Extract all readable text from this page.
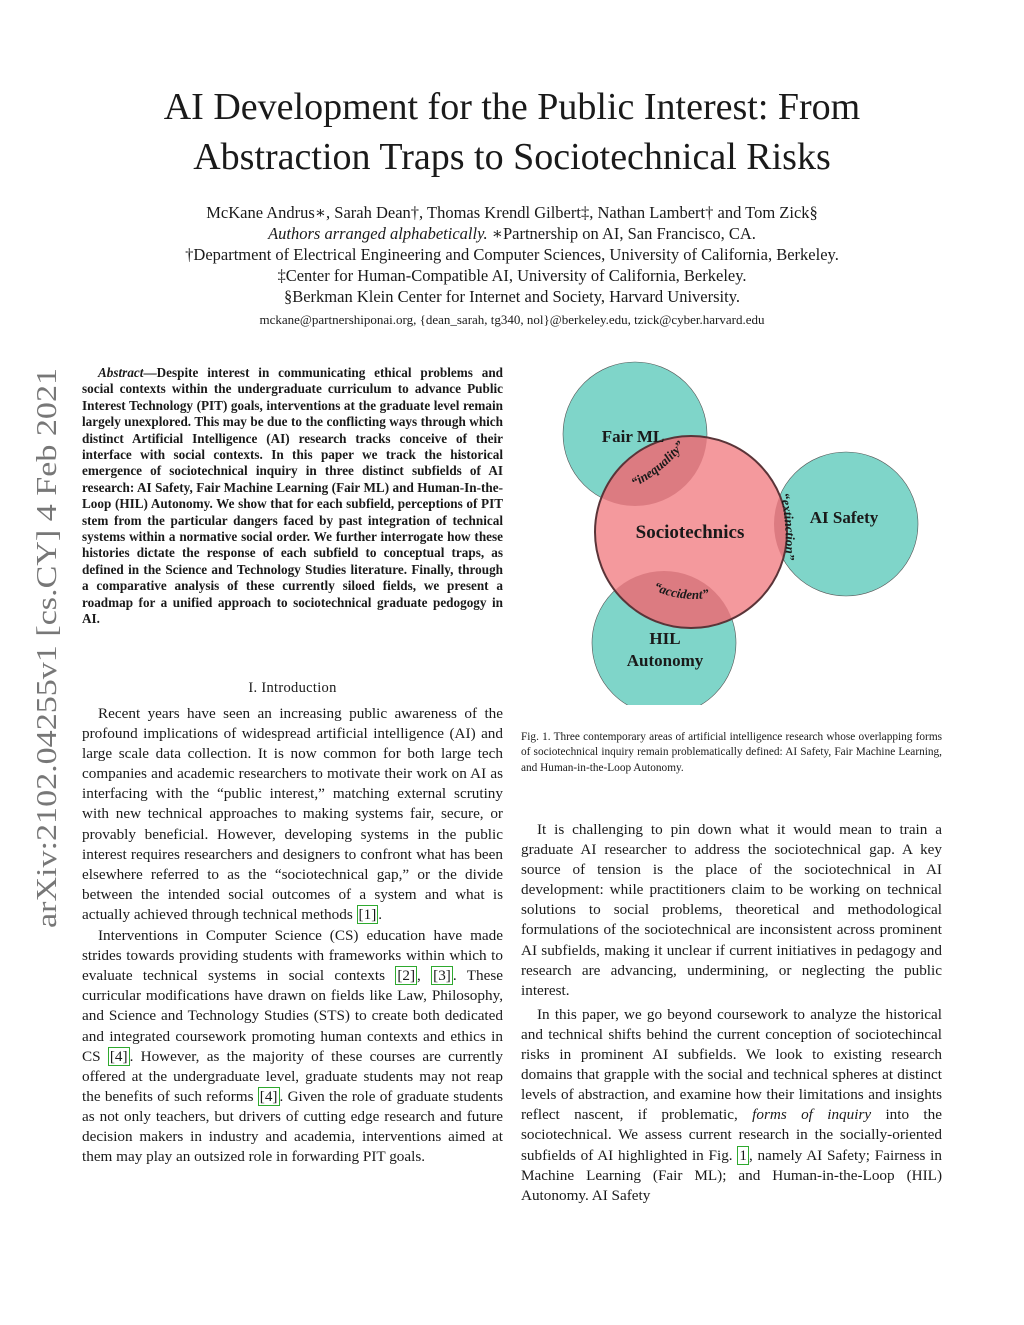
arXiv:2102.04255v1 [cs.CY] 4 Feb 2021
AI Development for the Public Interest: From
Abstraction Traps to Sociotechnical Risks
McKane Andrus∗, Sarah Dean†, Thomas Krendl Gilbert‡, Nathan Lambert† and Tom Zick§
Authors arranged alphabetically. ∗Partnership on AI, San Francisco, CA.
†Department of Electrical Engineering and Computer Sciences, University of California, Berkeley.
‡Center for Human-Compatible AI, University of California, Berkeley.
§Berkman Klein Center for Internet and Society, Harvard University.
mckane@partnershiponai.org, {dean_sarah, tg340, nol}@berkeley.edu, tzick@cyber.harvard.edu
Abstract—Despite interest in communicating ethical problems and social contexts within the undergraduate curriculum to advance Public Interest Technology (PIT) goals, interventions at the graduate level remain largely unexplored. This may be due to the conflicting ways through which distinct Artificial Intelligence (AI) research tracks conceive of their interface with social contexts. In this paper we track the historical emergence of sociotechnical inquiry in three distinct subfields of AI research: AI Safety, Fair Machine Learning (Fair ML) and Human-In-the-Loop (HIL) Autonomy. We show that for each subfield, perceptions of PIT stem from the particular dangers faced by past integration of technical systems within a normative social order. We further interrogate how these histories dictate the response of each subfield to conceptual traps, as defined in the Science and Technology Studies literature. Finally, through a comparative analysis of these currently siloed fields, we present a roadmap for a unified approach to sociotechnical graduate pedogogy in AI.
I. Introduction

Recent years have seen an increasing public awareness of the profound implications of widespread artificial intelligence (AI) and large scale data collection. It is now common for both large tech companies and academic researchers to motivate their work on AI as interfacing with the “public interest,” matching external scrutiny with new technical approaches to making systems fair, secure, or provably beneficial. However, developing systems in the public interest requires researchers and designers to confront what has been elsewhere referred to as the “sociotechnical gap,” or the divide between the intended social outcomes of a system and what is actually achieved through technical methods [1] .

Interventions in Computer Science (CS) education have made strides towards providing students with frameworks within which to evaluate technical systems in social contexts [2] , [3] . These curricular modifications have drawn on fields like Law, Philosophy, and Science and Technology Studies (STS) to create both dedicated and integrated coursework promoting human contexts and ethics in CS [4] . However, as the majority of these courses are currently offered at the undergraduate level, graduate students may not reap the benefits of such reforms [4] . Given the role of graduate students as not only teachers, but drivers of cutting edge research and future decision makers in industry and academia, interventions aimed at them may play an outsized role in forwarding PIT goals.

Fair ML
AI Safety
HIL
Autonomy
Sociotechnics
“inequality”
“extinction”
“accident”
Fig. 1. Three contemporary areas of artificial intelligence research whose overlapping forms of sociotechnical inquiry remain problematically defined: AI Safety, Fair Machine Learning, and Human-in-the-Loop Autonomy.

It is challenging to pin down what it would mean to train a graduate AI researcher to address the sociotechnical gap. A key source of tension is the place of the sociotechnical in AI development: while practitioners claim to be working on technical solutions to social problems, theoretical and methodological formulations of the sociotechnical are inconsistent across prominent AI subfields, making it unclear if current initiatives in pedagogy and research are advancing, undermining, or neglecting the public interest.

In this paper, we go beyond coursework to analyze the historical and technical shifts behind the current conception of sociotechincal risks in prominent AI subfields. We look to existing research domains that grapple with the social and technical spheres at distinct levels of abstraction, and examine how their limitations and insights reflect nascent, if problematic, forms of inquiry into the sociotechnical. We assess current research in the socially-oriented subfields of AI highlighted in Fig. 1 , namely AI Safety; Fairness in Machine Learning (Fair ML); and Human-in-the-Loop (HIL) Autonomy. AI Safety
